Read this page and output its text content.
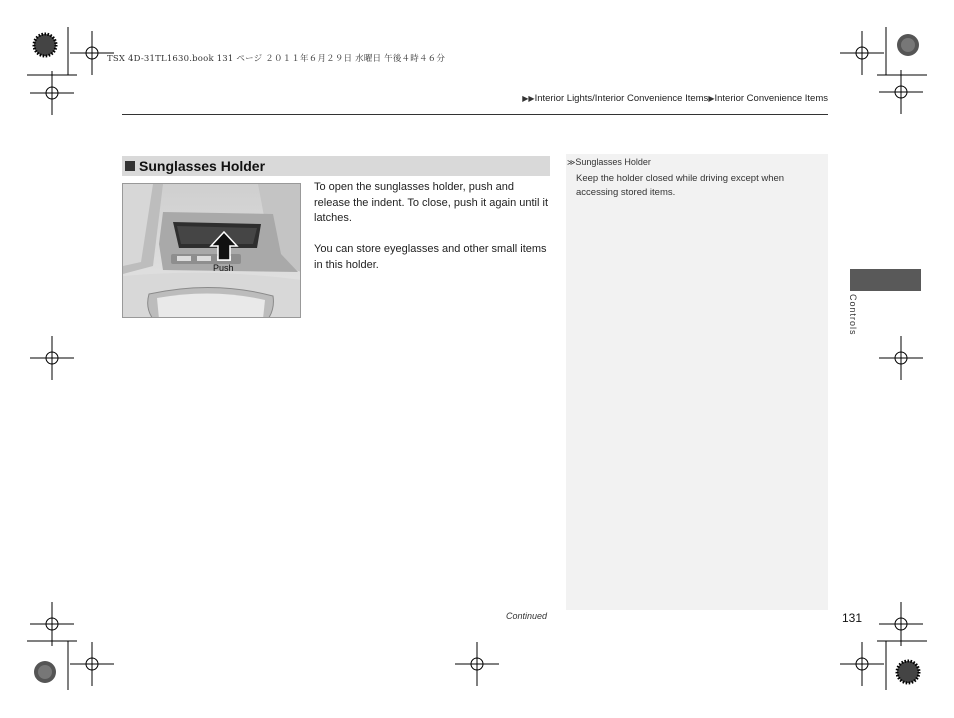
TSX 4D-31TL1630.book 131 ページ ２０１１年６月２９日 水曜日 午後４時４６分
▶▶Interior Lights/Interior Convenience Items▶Interior Convenience Items
Sunglasses Holder
Push

To open the sunglasses holder, push and release the indent. To close, push it again until it latches.

You can store eyeglasses and other small items in this holder.

≫Sunglasses Holder
Keep the holder closed while driving except when accessing stored items.
Controls
Continued	131
